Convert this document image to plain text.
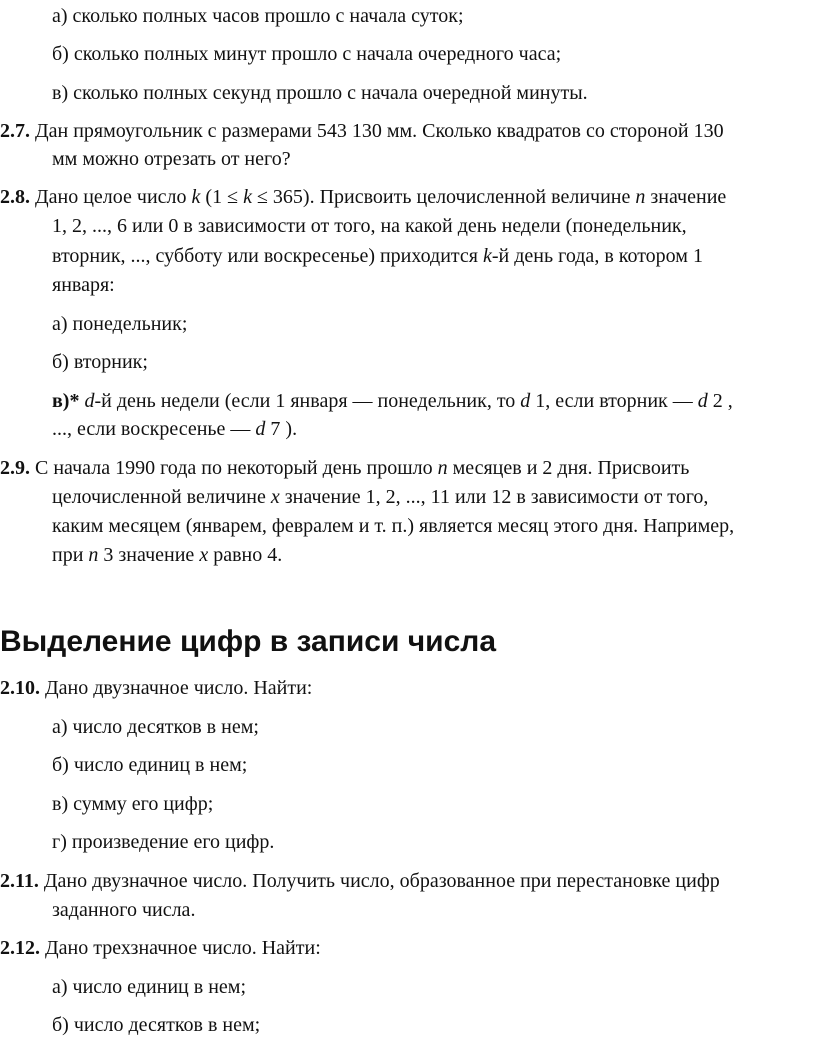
а) сколько полных часов прошло с начала суток;
б) сколько полных минут прошло с начала очередного часа;
в) сколько полных секунд прошло с начала очередной минуты.
2.7. Дан прямоугольник с размерами 543 130 мм. Сколько квадратов со стороной 130
мм можно отрезать от него?
2.8. Дано целое число k (1 ≤ k ≤ 365). Присвоить целочисленной величине n значение
1, 2, ..., 6 или 0 в зависимости от того, на какой день недели (понедельник,
вторник, ..., субботу или воскресенье) приходится k-й день года, в котором 1
января:
а) понедельник;
б) вторник;
в)* d-й день недели (если 1 января — понедельник, то d 1, если вторник — d 2 ,
..., если воскресенье — d 7 ).
2.9. С начала 1990 года по некоторый день прошло n месяцев и 2 дня. Присвоить
целочисленной величине x значение 1, 2, ..., 11 или 12 в зависимости от того,
каким месяцем (январем, февралем и т. п.) является месяц этого дня. Например,
при n 3 значение x равно 4.
Выделение цифр в записи числа
2.10. Дано двузначное число. Найти:
а) число десятков в нем;
б) число единиц в нем;
в) сумму его цифр;
г) произведение его цифр.
2.11. Дано двузначное число. Получить число, образованное при перестановке цифр
заданного числа.
2.12. Дано трехзначное число. Найти:
а) число единиц в нем;
б) число десятков в нем;
